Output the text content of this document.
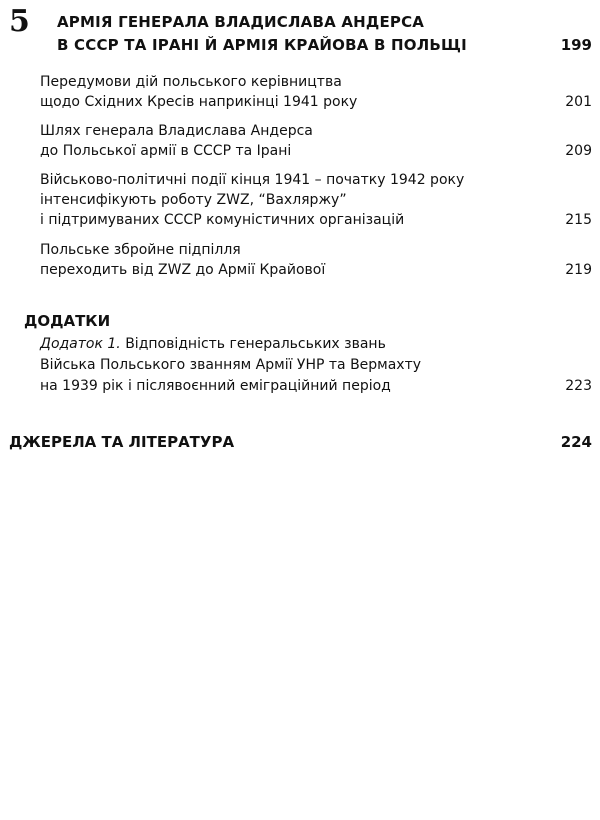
5 АРМІЯ ГЕНЕРАЛА ВЛАДИСЛАВА АНДЕРСА
В СССР ТА ІРАНІ Й АРМІЯ КРАЙОВА В ПОЛЬЩІ	199
Передумови дій польського керівництва
щодо Східних Кресів наприкінці 1941 року	201
Шлях генерала Владислава Андерса
до Польської армії в СССР та Ірані	209
Військово-політичні події кінця 1941 – початку 1942 року
інтенсифікують роботу ZWZ, “Вахляржу”
і підтримуваних СССР комуністичних організацій	215
Польське збройне підпілля
переходить від ZWZ до Армії Крайової	219
ДОДАТКИ
Додаток 1. Відповідність генеральських звань
Війська Польського званням Армії УНР та Вермахту
на 1939 рік і післявоєнний еміграційний період	223
ДЖЕРЕЛА ТА ЛІТЕРАТУРА	224
